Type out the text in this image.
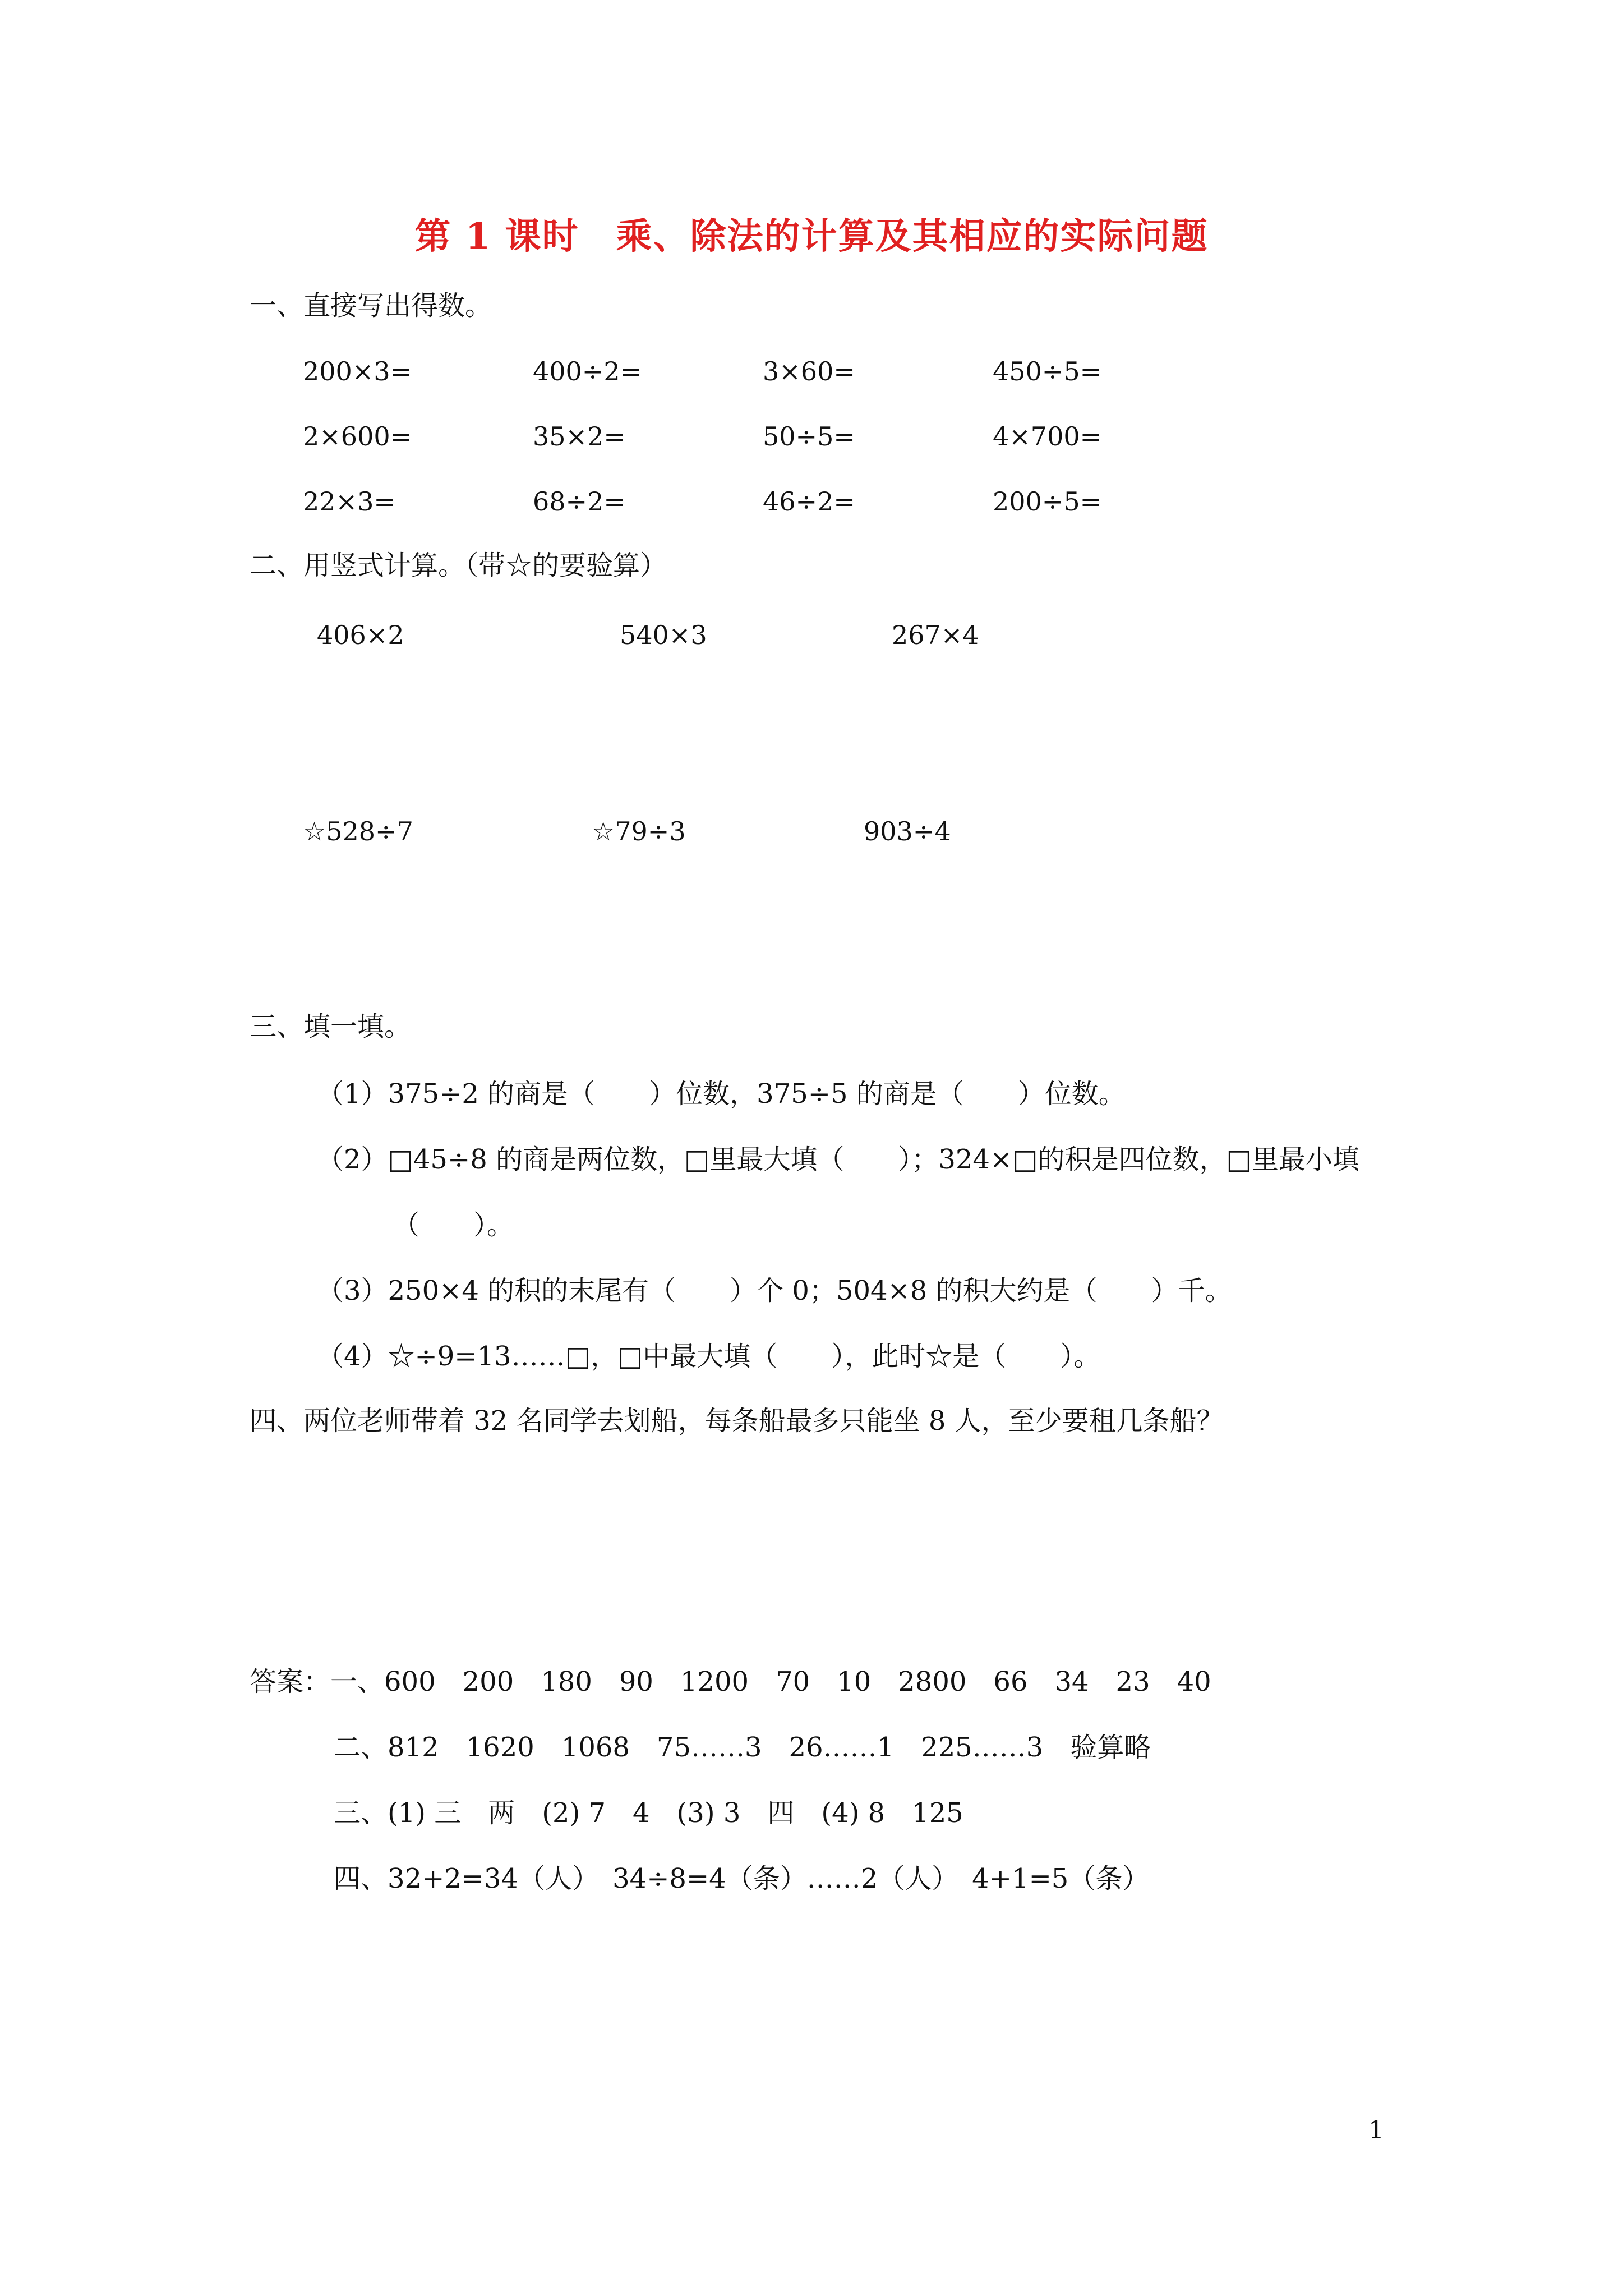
第 1 课时　乘、除法的计算及其相应的实际问题
一、直接写出得数。
200×3=	400÷2=	3×60=	450÷5=
2×600=	35×2=	50÷5=	4×700=
22×3=	68÷2=	46÷2=	200÷5=
二、用竖式计算。（带☆的要验算）
406×2	540×3	267×4
☆528÷7	☆79÷3	903÷4
三、填一填。
（1）375÷2 的商是（　　）位数，375÷5 的商是（　　）位数。
（2）□45÷8 的商是两位数，□里最大填（　　）；324×□的积是四位数，□里最小填
（　　）。
（3）250×4 的积的末尾有（　　）个 0；504×8 的积大约是（　　）千。
（4）☆÷9=13……□，□中最大填（　　），此时☆是（　　）。
四、两位老师带着 32 名同学去划船，每条船最多只能坐 8 人，至少要租几条船？
答案：一、600　200　180　90　1200　70　10　2800　66　34　23　40
二、812　1620　1068　75……3　26……1　225……3　验算略
三、(1) 三　两　(2) 7　4　(3) 3　四　(4) 8　125
四、32+2=34（人）　34÷8=4（条）……2（人）　4+1=5（条）
1
